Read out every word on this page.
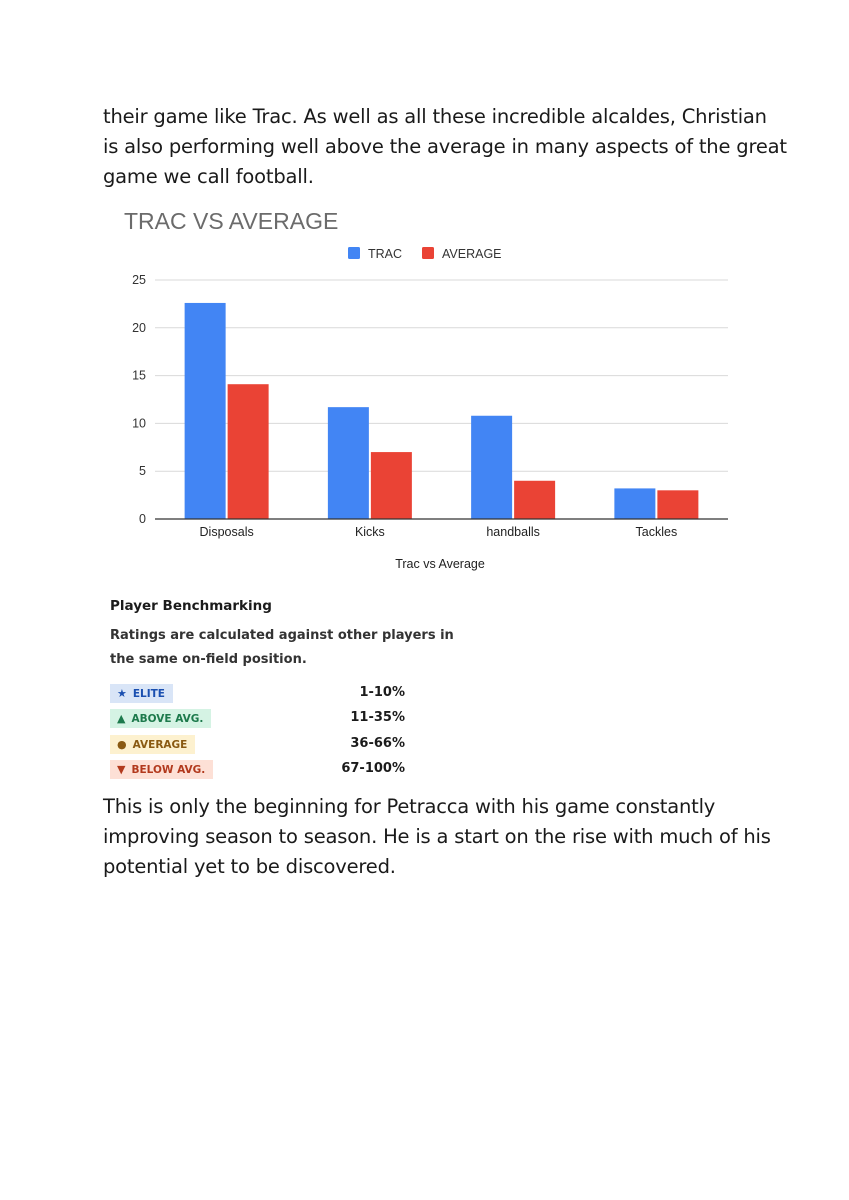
their game like Trac. As well as all these incredible alcaldes, Christian
is also performing well above the average in many aspects of the great
game we call football.

TRAC VS AVERAGE
0
5
10
15
20
25
Disposals	Kicks	handballs	Tackles
Trac vs Average
TRAC	AVERAGE
Player Benchmarking
Ratings are calculated against other players in
the same on-field position.
★ ELITE	1-10%
▲ ABOVE AVG.	11-35%
● AVERAGE	36-66%
▼ BELOW AVG.	67-100%

This is only the beginning for Petracca with his game constantly
improving season to season. He is a start on the rise with much of his
potential yet to be discovered.
